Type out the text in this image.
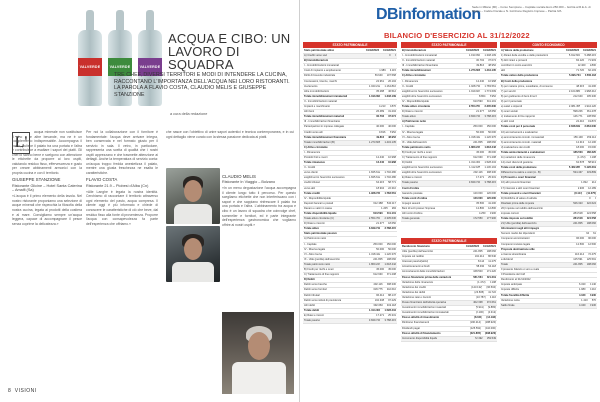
VALVERDE	VALVERDE	VALVERDE
ACQUA E CIBO: UN
LAVORO DI SQUADRA
TRE CHEF, DIVERSI TERRITORI E MODI DI INTENDERE LA CUCINA, RACCONTANO L'IMPORTANZA DELL'ACQUA NEI LORO RISTORANTI. LA PAROLA A FLAVIO COSTA, CLAUDIO MELIS E GIUSEPPE STANZIONE
a cura della redazione
L'

acqua minerale non sostituisce il vino e le altre bevande, ma ne è un complemento indispensabile. Accompagna il pasto, pulisce il palato tra una portata e l'altra e contribuisce a esaltare i sapori dei piatti. Gli chef lo sanno bene e scelgono con attenzione le etichette da proporre ai loro ospiti, valutando residuo fisso, effervescenza e gusto per creare abbinamenti armonici con la propria cucina e con il territorio.

GIUSEPPE STANZIONE
Ristorante Glicine – Hotel Santa Caterina – Amalfi (Sa)

«L'acqua è il primo elemento della tavola. Nel nostro ristorante proponiamo una selezione di acque minerali che rispecchia la filosofia della nostra cucina, legata ai prodotti della costiera e al mare. Consigliamo sempre un'acqua leggera, capace di accompagnare il pesce senza coprirne la delicatezza.»

Per noi la collaborazione con il fornitore è fondamentale: l'acqua deve arrivare integra, ben conservata e nel formato giusto per il servizio in sala. Il vetro, in particolare, rappresenta una scelta di qualità che i nostri ospiti apprezzano e che trasmette attenzione ai dettagli. Anche la temperatura di servizio conta: un'acqua troppo fredda anestetizza il palato, mentre una giusta freschezza ne esalta le caratteristiche.

FLAVIO COSTA
Ristorante 21.9 – Piobesi d'Alba (Cn)

«Alle Langhe è legata la nostra identità. Cerchiamo di raccontare il territorio attraverso ogni elemento del pasto, acqua compresa. Il cliente oggi è più informato e chiede di conoscere le caratteristiche di ciò che beve, dal residuo fisso alla fonte di provenienza. Proporre l'acqua con consapevolezza fa parte dell'esperienza che offriamo.»

che nasce con l'obiettivo di unire sapori autentici e tecnica contemporanea, e in cui ogni dettaglio viene curato con la stessa passione dedicata ai piatti.

CLAUDIO MELIS
Ristorante In Viaggio – Bolzano

«In un menu degustazione l'acqua accompagna il cliente lungo tutto il percorso. Per questo scegliamo etichette che non interferiscano con i sapori e che sappiano rinfrescare il palato tra una portata e l'altra. L'abbinamento tra acqua e cibo è un lavoro di squadra che coinvolge chef, sommelier e fornitori, ed è parte integrante dell'esperienza gastronomica che vogliamo offrire ai nostri ospiti.»

8 VISIONI
DBinformation
Sede in Milano (MI) – Corso Sempione – Capitale sociale Euro 250.000 – Iscritta al R.E.A. di Milano – Codice Fiscale e N. Iscrizione Registro Imprese – Partita IVA
BILANCIO D'ESERCIZIO AL 31/12/2022
STATO PATRIMONIALE
Stato patrimoniale attivo	31/12/2022 31/12/2021
A) Crediti verso soci	0 0
B) Immobilizzazioni
I - Immobilizzazioni immateriali
Costi di impianto e ampliamento	1.989 3.115
Diritti di brevetto industriale	89.640 107.568
Concessioni, licenze, marchi	22.961 26.104
Avviamento	1.043.212 1.164.810
Altre immobilizzazioni	35.288 46.512
Totale immobilizzazioni immateriali	1.193.090 1.348.109
II - Immobilizzazioni materiali
Impianti e macchinario	4.213 5.870
Altri beni	26.489 31.204
Totale immobilizzazioni materiali	30.702 37.074
III - Immobilizzazioni finanziarie
Partecipazioni in imprese collegate	40.000 40.000
Crediti verso altri	9.816 8.952
Totale immobilizzazioni finanziarie	49.816 48.952
Totale immobilizzazioni (B)	1.273.608 1.434.135
C) Attivo circolante
I - Rimanenze
Prodotti finiti e merci	12.440 10.968
Totale rimanenze	12.440 10.968
II - Crediti
verso clienti	1.845.612 1.702.480
esigibili entro l'esercizio successivo	1.845.612 1.702.480
crediti tributari	64.215 58.771
verso altri	18.904 22.310
Totale crediti	1.928.731 1.783.561
IV - Disponibilità liquide
Depositi bancari e postali	612.388 540.117
Danaro e valori in cassa	1.205 984
Totale disponibilità liquide	613.593 541.101
Totale attivo circolante (C)	2.554.764 2.335.630
D) Ratei e risconti	21.377 18.650
Totale attivo	3.849.749 3.788.415
Stato patrimoniale passivo
A) Patrimonio netto
I - Capitale	250.000 250.000
IV - Riserva legale	50.000 50.000
VI - Altre riserve	1.318.442 1.120.376
IX - Utile (perdita) dell'esercizio	241.805 198.066
Totale patrimonio netto	1.860.247 1.618.442
B) Fondi per rischi e oneri	45.000 45.000
C) Trattamento di fine rapporto	612.930 571.208
D) Debiti
Debiti verso banche	402.116 598.330
Debiti verso fornitori	318.775 342.610
Debiti tributari	96.412 88.147
Debiti verso istituti di previdenza	104.338 97.229
Altri debiti	392.660 402.118
Totale debiti	1.314.301 1.528.434
E) Ratei e risconti	17.271 25.331
Totale passivo	3.849.749 3.788.415
STATO PATRIMONIALE
B) Immobilizzazioni	31/12/2022 31/12/2021
I - Immobilizzazioni immateriali	1.193.090 1.348.109
II - Immobilizzazioni materiali	30.702 37.074
III - Immobilizzazioni finanziarie	49.816 48.952
Totale immobilizzazioni	1.273.608 1.434.135
C) Attivo circolante
I - Rimanenze	12.440 10.968
II - Crediti	1.928.731 1.783.561
esigibili entro l'esercizio successivo	1.919.927 1.774.609
esigibili oltre l'esercizio successivo	8.804 8.952
IV - Disponibilità liquide	613.593 541.101
Totale attivo circolante	2.554.764 2.335.630
D) Ratei e risconti	21.377 18.650
Totale attivo	3.849.749 3.788.415
A) Patrimonio netto
I - Capitale	250.000 250.000
IV - Riserva legale	50.000 50.000
VI - Altre riserve	1.318.442 1.120.376
IX - Utile dell'esercizio	241.805 198.066
Totale patrimonio netto	1.860.247 1.618.442
B) Fondi per rischi e oneri	45.000 45.000
C) Trattamento di fine rapporto	612.930 571.208
D) Debiti	1.314.301 1.528.434
esigibili entro l'esercizio successivo	1.112.185 1.130.104
esigibili oltre l'esercizio successivo	202.116 398.330
E) Ratei e risconti	17.271 25.331
Totale passivo	3.849.749 3.788.415
Conti d'ordine
Garanzie prestate	120.000 120.000
Totale conti d'ordine	120.000 120.000
Impegni assunti	35.500 41.200
Beni di terzi presso l'impresa	12.800 12.800
Altri conti d'ordine	4.250 3.900
Totale generale	172.550 177.900
STATO PATRIMONIALE
Rendiconto finanziario	31/12/2022 31/12/2021
Utile (perdita) dell'esercizio	241.805 198.066
Imposte sul reddito	104.212 86.540
Interessi passivi/(attivi)	8.114 11.275
Accantonamenti ai fondi	58.930 54.118
Ammortamenti delle immobilizzazioni	168.503 171.220
Flusso finanziario prima delle variazioni	581.564 521.219
Variazione delle rimanenze	(1.472) 2.108
Variazione dei crediti	(143.132) (96.504)
Variazione dei debiti	(23.835) 41.722
Variazione ratei e risconti	(10.787) 4.116
Flusso finanziario dell'attività operativa	402.338 472.661
Investimenti immobilizzazioni materiali	(5.941) (9.880)
Investimenti immobilizzazioni immateriali	(2.100) (4.312)
Flusso attività di investimento	(8.041) (14.192)
Rimborso finanziamenti	(196.214) (188.920)
Dividendi pagati	(125.591) (110.000)
Flusso attività di finanziamento	(321.805) (298.920)
Incremento disponibilità liquide	72.492 159.549
CONTO ECONOMICO
A) Valore della produzione	31/12/2022 31/12/2021
1) Ricavi delle vendite e delle prestazioni	5.912.604 5.488.215
5) Altri ricavi e proventi	84.120 71.903
contributi in conto esercizio	12.400 9.800
altri	71.720 62.103
Totale valore della produzione	5.996.724 5.560.118
B) Costi della produzione
6) per materie prime, sussidiarie, di consumo	48.315 41.206
7) per servizi	2.104.881 1.968.412
8) per godimento di beni di terzi	212.640 205.330
9) per il personale
a) salari e stipendi	2.081.455 1.944.120
b) oneri sociali	598.206 561.478
c) trattamento di fine rapporto	146.771 138.560
e) altri costi	22.410 19.872
Totale costi per il personale	2.848.842 2.664.030
10) ammortamenti e svalutazioni
a) ammortamento immob. immateriali	156.190 159.114
b) ammortamento immob. materiali	12.313 12.106
d) svalutazione dei crediti	18.000 15.000
Totale ammortamenti e svalutazioni	186.503 186.220
11) variazioni delle rimanenze	(1.472) 2.108
14) oneri diversi di gestione	62.578 58.913
Totale costi della produzione	5.462.287 5.126.219
Differenza tra valore e costi (A - B)	534.437 433.899
C) Proventi e oneri finanziari
16) altri proventi finanziari	1.822 914
17) interessi e altri oneri finanziari	9.936 12.189
Totale proventi e oneri finanziari	(8.114) (11.275)
D) Rettifiche di valore di attività	0 0
Risultato prima delle imposte	526.323 422.624
20) Imposte sul reddito dell'esercizio
imposte correnti	284.518 224.558
Totale imposte sul reddito	284.518 224.558
21) Utile (perdita) dell'esercizio	241.805 198.066
Informazioni sugli altri impegni
Numero medio dei dipendenti	64 61
Compensi amministratori	96.000 96.000
Compensi revisore legale	12.500 12.500
Proposta destinazione utile
a riserva straordinaria	116.214 72.475
a dividendi	125.591 125.591
Totale	241.805 198.066
Il presente bilancio è vero e reale
Il Presidente del CdA
Rendiconto al 31/12/2022
Imposte anticipate	6.320 5.140
Imposte differite	1.980 2.210
Totale fiscalità differita	4.340 2.930
Variazione netta	1.410 870
Saldo finale	4.340 2.930
